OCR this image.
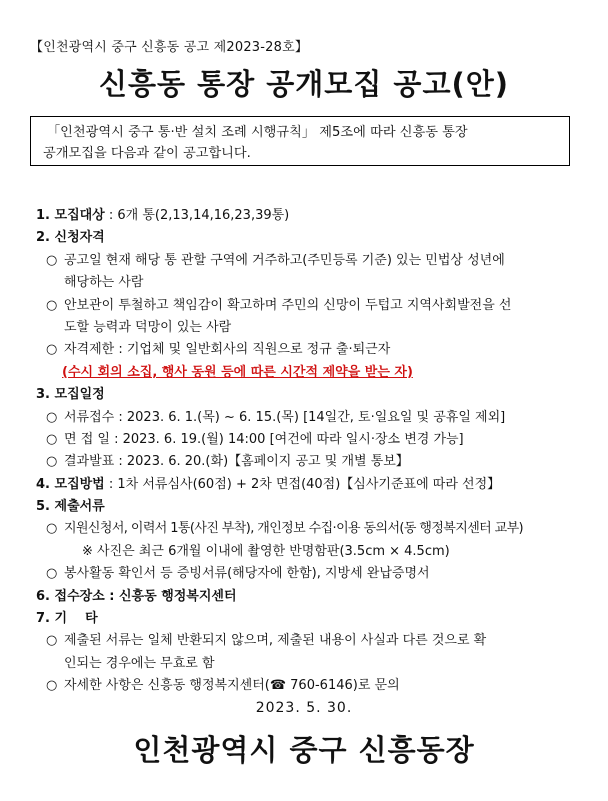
【인천광역시 중구 신흥동 공고 제2023-28호】
신흥동 통장 공개모집 공고(안)
「인천광역시 중구 통·반 설치 조례 시행규칙」 제5조에 따라 신흥동 통장
공개모집을 다음과 같이 공고합니다.
1. 모집대상 : 6개 통(2,13,14,16,23,39통)
2. 신청자격
○ 공고일 현재 해당 통 관할 구역에 거주하고(주민등록 기준) 있는 민법상 성년에
해당하는 사람
○ 안보관이 투철하고 책임감이 확고하며 주민의 신망이 두텁고 지역사회발전을 선
도할 능력과 덕망이 있는 사람
○ 자격제한 : 기업체 및 일반회사의 직원으로 정규 출·퇴근자
(수시 회의 소집, 행사 동원 등에 따른 시간적 제약을 받는 자)
3. 모집일정
○ 서류접수 : 2023. 6. 1.(목) ~ 6. 15.(목) [14일간, 토·일요일 및 공휴일 제외]
○ 면 접 일 : 2023. 6. 19.(월) 14:00 [여건에 따라 일시·장소 변경 가능]
○ 결과발표 : 2023. 6. 20.(화)【홈페이지 공고 및 개별 통보】
4. 모집방법 : 1차 서류심사(60점) + 2차 면접(40점)【심사기준표에 따라 선정】
5. 제출서류
○ 지원신청서, 이력서 1통(사진 부착), 개인정보 수집·이용 동의서(동 행정복지센터 교부)
※ 사진은 최근 6개월 이내에 촬영한 반명함판(3.5cm × 4.5cm)
○ 봉사활동 확인서 등 증빙서류(해당자에 한함), 지방세 완납증명서
6. 접수장소 : 신흥동 행정복지센터
7. 기    타
○ 제출된 서류는 일체 반환되지 않으며, 제출된 내용이 사실과 다른 것으로 확
인되는 경우에는 무효로 함
○ 자세한 사항은 신흥동 행정복지센터(☎ 760-6146)로 문의
2023. 5. 30.
인천광역시 중구 신흥동장
